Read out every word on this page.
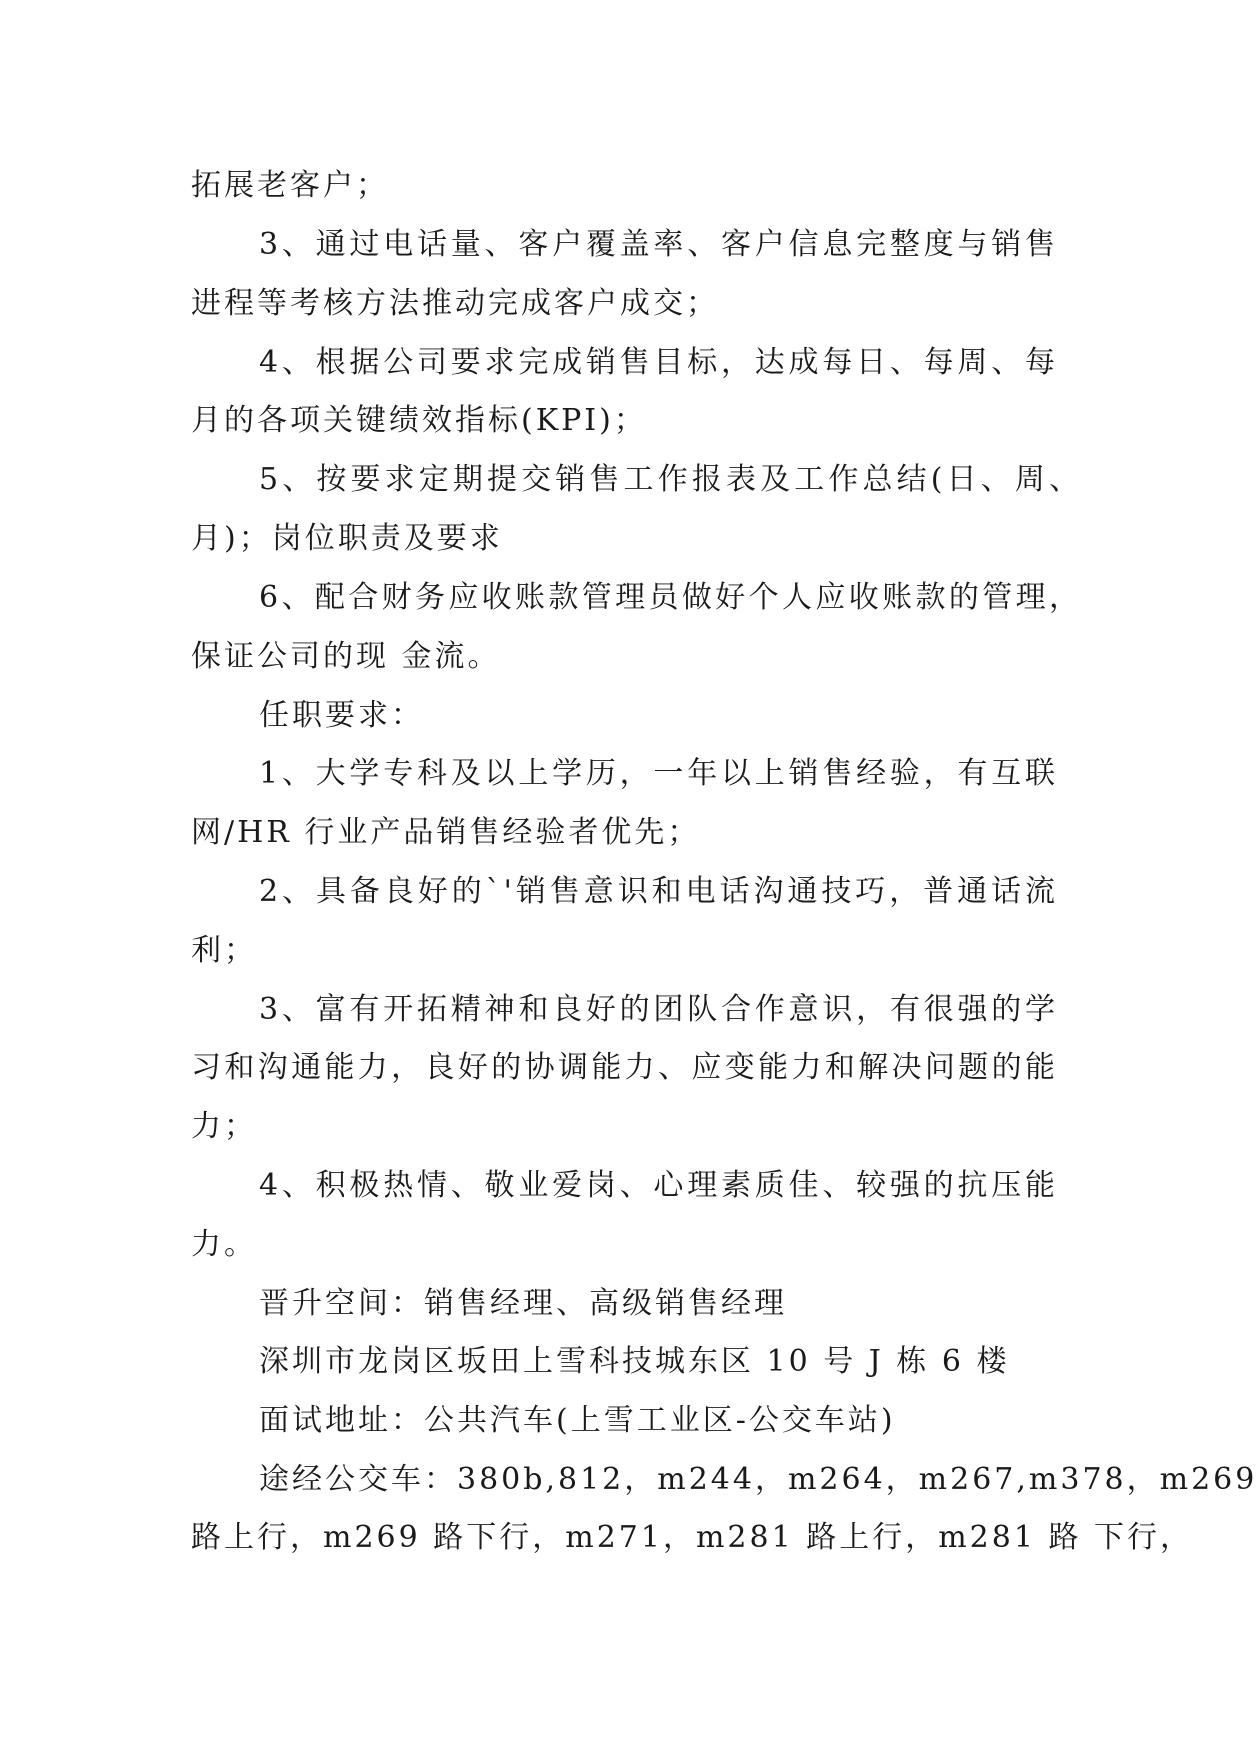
拓展老客户；
3、通过电话量、客户覆盖率、客户信息完整度与销售
进程等考核方法推动完成客户成交；
4、根据公司要求完成销售目标，达成每日、每周、每
月的各项关键绩效指标(KPI)；
5、按要求定期提交销售工作报表及工作总结(日、周、
月)；岗位职责及要求
6、配合财务应收账款管理员做好个人应收账款的管理，
保证公司的现 金流。
任职要求：
1、大学专科及以上学历，一年以上销售经验，有互联
网/HR 行业产品销售经验者优先；
2、具备良好的`'销售意识和电话沟通技巧，普通话流
利；
3、富有开拓精神和良好的团队合作意识，有很强的学
习和沟通能力，良好的协调能力、应变能力和解决问题的能
力；
4、积极热情、敬业爱岗、心理素质佳、较强的抗压能
力。
晋升空间：销售经理、高级销售经理
深圳市龙岗区坂田上雪科技城东区 10 号 J 栋 6 楼
面试地址：公共汽车(上雪工业区-公交车站)
途经公交车：380b,812，m244，m264，m267,m378，m269
路上行，m269 路下行，m271，m281 路上行，m281 路 下行，
